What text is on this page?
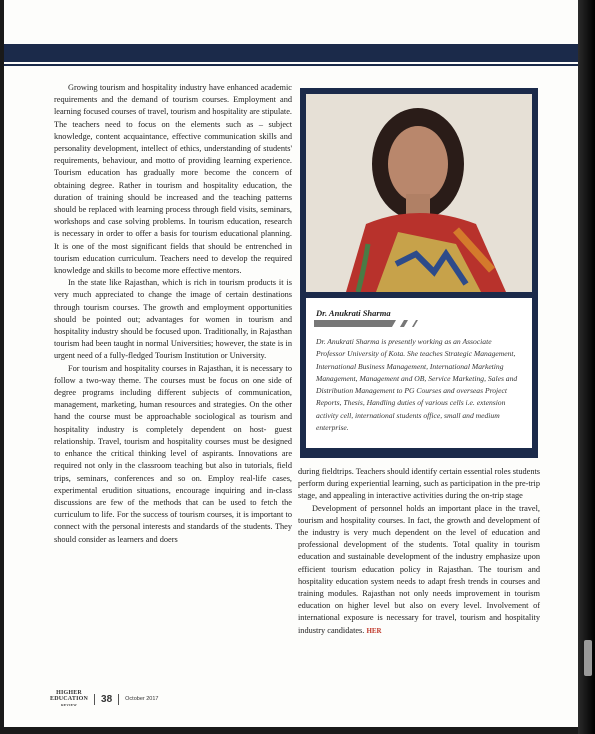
Growing tourism and hospitality industry have enhanced academic requirements and the demand of tourism courses. Employment and learning focused courses of travel, tourism and hospitality are stipulate. The teachers need to focus on the elements such as – subject knowledge, content acquaintance, effective communication skills and personality development, intellect of ethics, understanding of students' requirements, behaviour, and motto of providing learning experience. Tourism education has gradually more become the concern of obtaining degree. Rather in tourism and hospitality education, the duration of training should be increased and the teaching patterns should be replaced with learning process through field visits, seminars, workshops and case solving problems. In tourism education, research is necessary in order to offer a basis for tourism educational planning. It is one of the most significant fields that should be entrenched in tourism education curriculum. Teachers need to develop the required knowledge and skills to become more effective mentors.

In the state like Rajasthan, which is rich in tourism products it is very much appreciated to change the image of certain destinations through tourism courses. The growth and employment opportunities should be pointed out; advantages for women in tourism and hospitality industry should be focused upon. Traditionally, in Rajasthan tourism had been taught in normal Universities; however, the state is in urgent need of a fully-fledged Tourism Institution or University.

For tourism and hospitality courses in Rajasthan, it is necessary to follow a two-way theme. The courses must be focus on one side of degree programs including different subjects of communication, management, marketing, human resources and strategies. On the other hand the course must be approachable sociological as tourism and hospitality industry is completely dependent on host- guest relationship. Travel, tourism and hospitality courses must be designed to enhance the critical thinking level of aspirants. Innovations are required not only in the classroom teaching but also in tutorials, field trips, seminars, conferences and so on. Employ real-life cases, experimental erudition situations, encourage inquiring and in-class discussions are few of the methods that can be used to fetch the curriculum to life. For the success of tourism courses, it is important to connect with the personal interests and standards of the students. They should consider as learners and doers

Dr. Anukrati Sharma
Dr. Anukrati Sharma is presently working as an Associate Professor University of Kota. She teaches Strategic Management, International Business Management, International Marketing Management, Management and OB, Service Marketing, Sales and Distribution Management to PG Courses and overseas Project Reports, Thesis, Handling duties of various cells i.e. extension activity cell, international students office, small and medium enterprise.

during fieldtrips. Teachers should identify certain essential roles students perform during experiential learning, such as participation in the pre-trip stage, and appealing in interactive activities during the on-trip stage

Development of personnel holds an important place in the travel, tourism and hospitality courses. In fact, the growth and development of the industry is very much dependent on the level of education and professional development of the students. Total quality in tourism education and sustainable development of the industry emphasize upon efficient tourism education policy in Rajasthan. The tourism and hospitality education system needs to adapt fresh trends in courses and training modules. Rajasthan not only needs improvement in tourism education on higher level but also on every level. Involvement of international exposure is necessary for travel, tourism and hospitality industry candidates. HER

HIGHER
EDUCATION
REVIEW
38 October 2017
